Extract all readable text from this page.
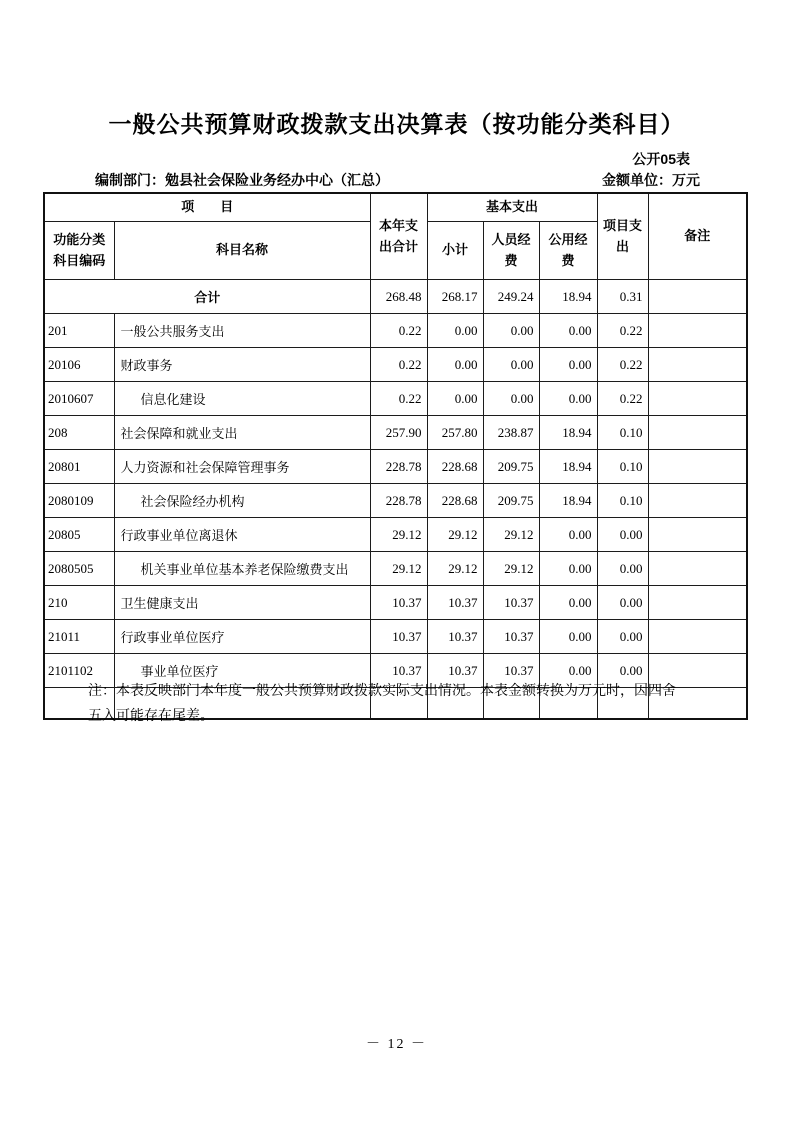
一般公共预算财政拨款支出决算表（按功能分类科目）
公开05表
编制部门：勉县社会保险业务经办中心（汇总）	金额单位：万元
项　　目		本年支出合计	基本支出			项目支出	备注
功能分类科目编码	科目名称		小计	人员经费	公用经费		
合计		268.48	268.17	249.24	18.94	0.31	
201	一般公共服务支出	0.22	0.00	0.00	0.00	0.22	
20106	财政事务	0.22	0.00	0.00	0.00	0.22	
2010607	信息化建设	0.22	0.00	0.00	0.00	0.22	
208	社会保障和就业支出	257.90	257.80	238.87	18.94	0.10	
20801	人力资源和社会保障管理事务	228.78	228.68	209.75	18.94	0.10	
2080109	社会保险经办机构	228.78	228.68	209.75	18.94	0.10	
20805	行政事业单位离退休	29.12	29.12	29.12	0.00	0.00	
2080505	机关事业单位基本养老保险缴费支出	29.12	29.12	29.12	0.00	0.00	
210	卫生健康支出	10.37	10.37	10.37	0.00	0.00	
21011	行政事业单位医疗	10.37	10.37	10.37	0.00	0.00	
2101102	事业单位医疗	10.37	10.37	10.37	0.00	0.00	

注：本表反映部门本年度一般公共预算财政拨款实际支出情况。本表金额转换为万元时，因四舍
五入可能存在尾差。
－ 12 －
